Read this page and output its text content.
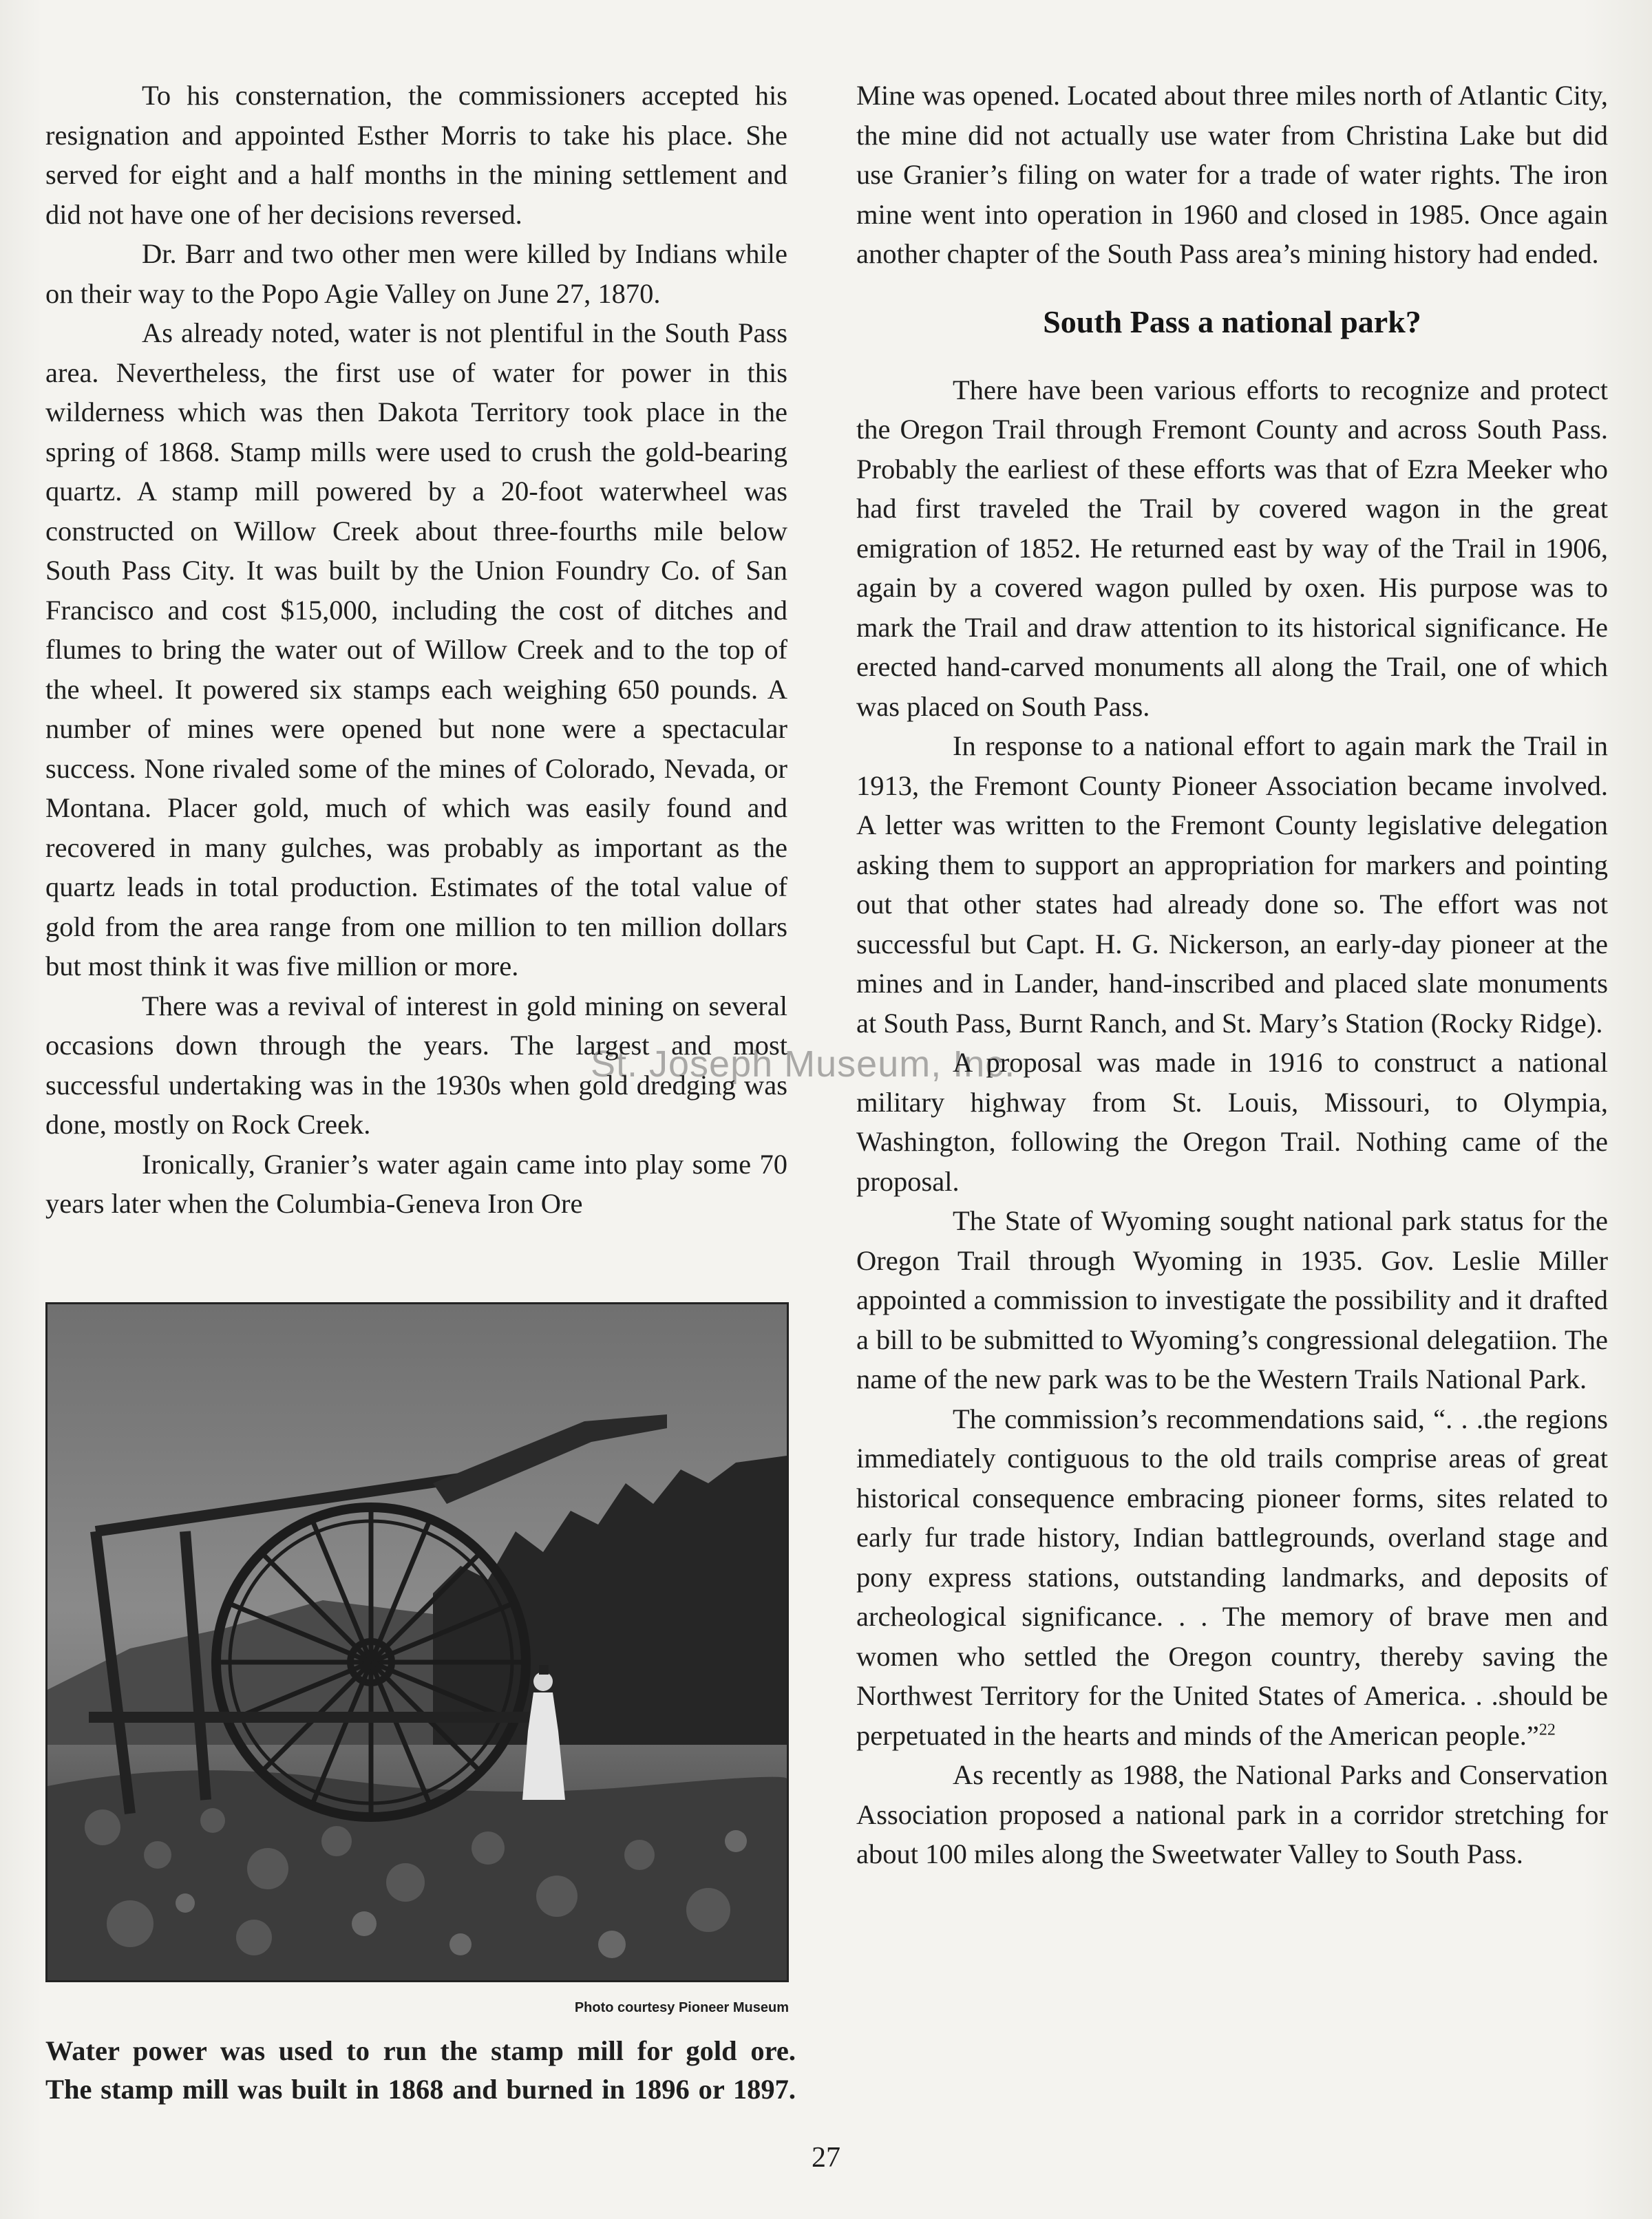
To his consternation, the commissioners accepted his resignation and appointed Esther Morris to take his place. She served for eight and a half months in the mining settlement and did not have one of her decisions reversed.

Dr. Barr and two other men were killed by Indians while on their way to the Popo Agie Valley on June 27, 1870.

As already noted, water is not plentiful in the South Pass area. Nevertheless, the first use of water for power in this wilderness which was then Dakota Territory took place in the spring of 1868. Stamp mills were used to crush the gold-bearing quartz. A stamp mill powered by a 20-foot waterwheel was constructed on Willow Creek about three-fourths mile below South Pass City. It was built by the Union Foundry Co. of San Francisco and cost $15,000, including the cost of ditches and flumes to bring the water out of Willow Creek and to the top of the wheel. It powered six stamps each weighing 650 pounds. A number of mines were opened but none were a spectacular success. None rivaled some of the mines of Colorado, Nevada, or Montana. Placer gold, much of which was easily found and recovered in many gulches, was probably as important as the quartz leads in total production. Estimates of the total value of gold from the area range from one million to ten million dollars but most think it was five million or more.

There was a revival of interest in gold mining on several occasions down through the years. The largest and most successful undertaking was in the 1930s when gold dredging was done, mostly on Rock Creek.

Ironically, Granier’s water again came into play some 70 years later when the Columbia-Geneva Iron Ore

Mine was opened. Located about three miles north of Atlantic City, the mine did not actually use water from Christina Lake but did use Granier’s filing on water for a trade of water rights. The iron mine went into operation in 1960 and closed in 1985. Once again another chapter of the South Pass area’s mining history had ended.

South Pass a national park?

There have been various efforts to recognize and protect the Oregon Trail through Fremont County and across South Pass. Probably the earliest of these efforts was that of Ezra Meeker who had first traveled the Trail by covered wagon in the great emigration of 1852. He returned east by way of the Trail in 1906, again by a covered wagon pulled by oxen. His purpose was to mark the Trail and draw attention to its historical significance. He erected hand-carved monuments all along the Trail, one of which was placed on South Pass.

In response to a national effort to again mark the Trail in 1913, the Fremont County Pioneer Association became involved. A letter was written to the Fremont County legislative delegation asking them to support an appropriation for markers and pointing out that other states had already done so. The effort was not successful but Capt. H. G. Nickerson, an early-day pioneer at the mines and in Lander, hand-inscribed and placed slate monuments at South Pass, Burnt Ranch, and St. Mary’s Station (Rocky Ridge).

A proposal was made in 1916 to construct a national military highway from St. Louis, Missouri, to Olympia, Washington, following the Oregon Trail. Nothing came of the proposal.

The State of Wyoming sought national park status for the Oregon Trail through Wyoming in 1935. Gov. Leslie Miller appointed a commission to investigate the possibility and it drafted a bill to be submitted to Wyoming’s congressional delegatiion. The name of the new park was to be the Western Trails National Park.

The commission’s recommendations said, “. . .the regions immediately contiguous to the old trails comprise areas of great historical consequence embracing pioneer forms, sites related to early fur trade history, Indian battlegrounds, overland stage and pony express stations, outstanding landmarks, and deposits of archeological significance. . . The memory of brave men and women who settled the Oregon country, thereby saving the Northwest Territory for the United States of America. . .should be perpetuated in the hearts and minds of the American people.”$^{22}$

As recently as 1988, the National Parks and Conservation Association proposed a national park in a corridor stretching for about 100 miles along the Sweetwater Valley to South Pass.

Photo courtesy Pioneer Museum
Water power was used to run the stamp mill for gold ore.
The stamp mill was built in 1868 and burned in 1896 or 1897.
St. Joseph Museum, Inc.
27
